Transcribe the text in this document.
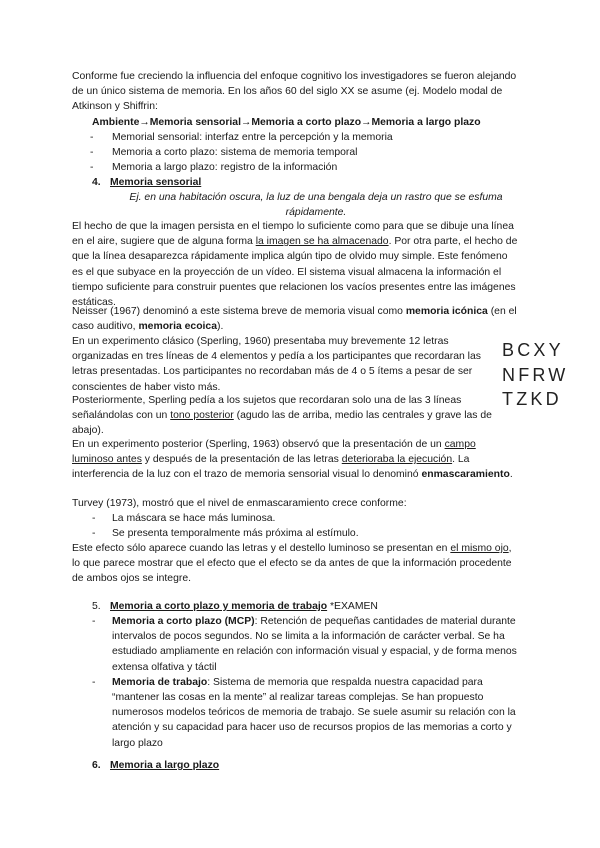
Conforme fue creciendo la influencia del enfoque cognitivo los investigadores se fueron alejando de un único sistema de memoria. En los años 60 del siglo XX se asume (ej. Modelo modal de Atkinson y Shiffrin:

Ambiente→Memoria sensorial→Memoria a corto plazo→Memoria a largo plazo
- Memorial sensorial: interfaz entre la percepción y la memoria
- Memoria a corto plazo: sistema de memoria temporal
- Memoria a largo plazo: registro de la información
4. Memoria sensorial

Ej. en una habitación oscura, la luz de una bengala deja un rastro que se esfuma rápidamente.

El hecho de que la imagen persista en el tiempo lo suficiente como para que se dibuje una línea en el aire, sugiere que de alguna forma la imagen se ha almacenado. Por otra parte, el hecho de que la línea desaparezca rápidamente implica algún tipo de olvido muy simple. Este fenómeno es el que subyace en la proyección de un vídeo. El sistema visual almacena la información el tiempo suficiente para construir puentes que relacionen los vacíos presentes entre las imágenes estáticas.

Neisser (1967) denominó a este sistema breve de memoria visual como memoria icónica (en el caso auditivo, memoria ecoica).

En un experimento clásico (Sperling, 1960) presentaba muy brevemente 12 letras organizadas en tres líneas de 4 elementos y pedía a los participantes que recordaran las letras presentadas. Los participantes no recordaban más de 4 o 5 ítems a pesar de ser conscientes de haber visto más.

BCXY
NFRW
TZKD

Posteriormente, Sperling pedía a los sujetos que recordaran solo una de las 3 líneas señalándolas con un tono posterior (agudo las de arriba, medio las centrales y grave las de abajo).

En un experimento posterior (Sperling, 1963) observó que la presentación de un campo luminoso antes y después de la presentación de las letras deterioraba la ejecución. La interferencia de la luz con el trazo de memoria sensorial visual lo denominó enmascaramiento.

Turvey (1973), mostró que el nivel de enmascaramiento crece conforme:

- La máscara se hace más luminosa.
- Se presenta temporalmente más próxima al estímulo.

Este efecto sólo aparece cuando las letras y el destello luminoso se presentan en el mismo ojo, lo que parece mostrar que el efecto que el efecto se da antes de que la información procedente de ambos ojos se integre.

5. Memoria a corto plazo y memoria de trabajo *EXAMEN
- Memoria a corto plazo (MCP): Retención de pequeñas cantidades de material durante intervalos de pocos segundos. No se limita a la información de carácter verbal. Se ha estudiado ampliamente en relación con información visual y espacial, y de forma menos extensa olfativa y táctil
- Memoria de trabajo: Sistema de memoria que respalda nuestra capacidad para “mantener las cosas en la mente” al realizar tareas complejas. Se han propuesto numerosos modelos teóricos de memoria de trabajo. Se suele asumir su relación con la atención y su capacidad para hacer uso de recursos propios de las memorias a corto y largo plazo
6. Memoria a largo plazo
